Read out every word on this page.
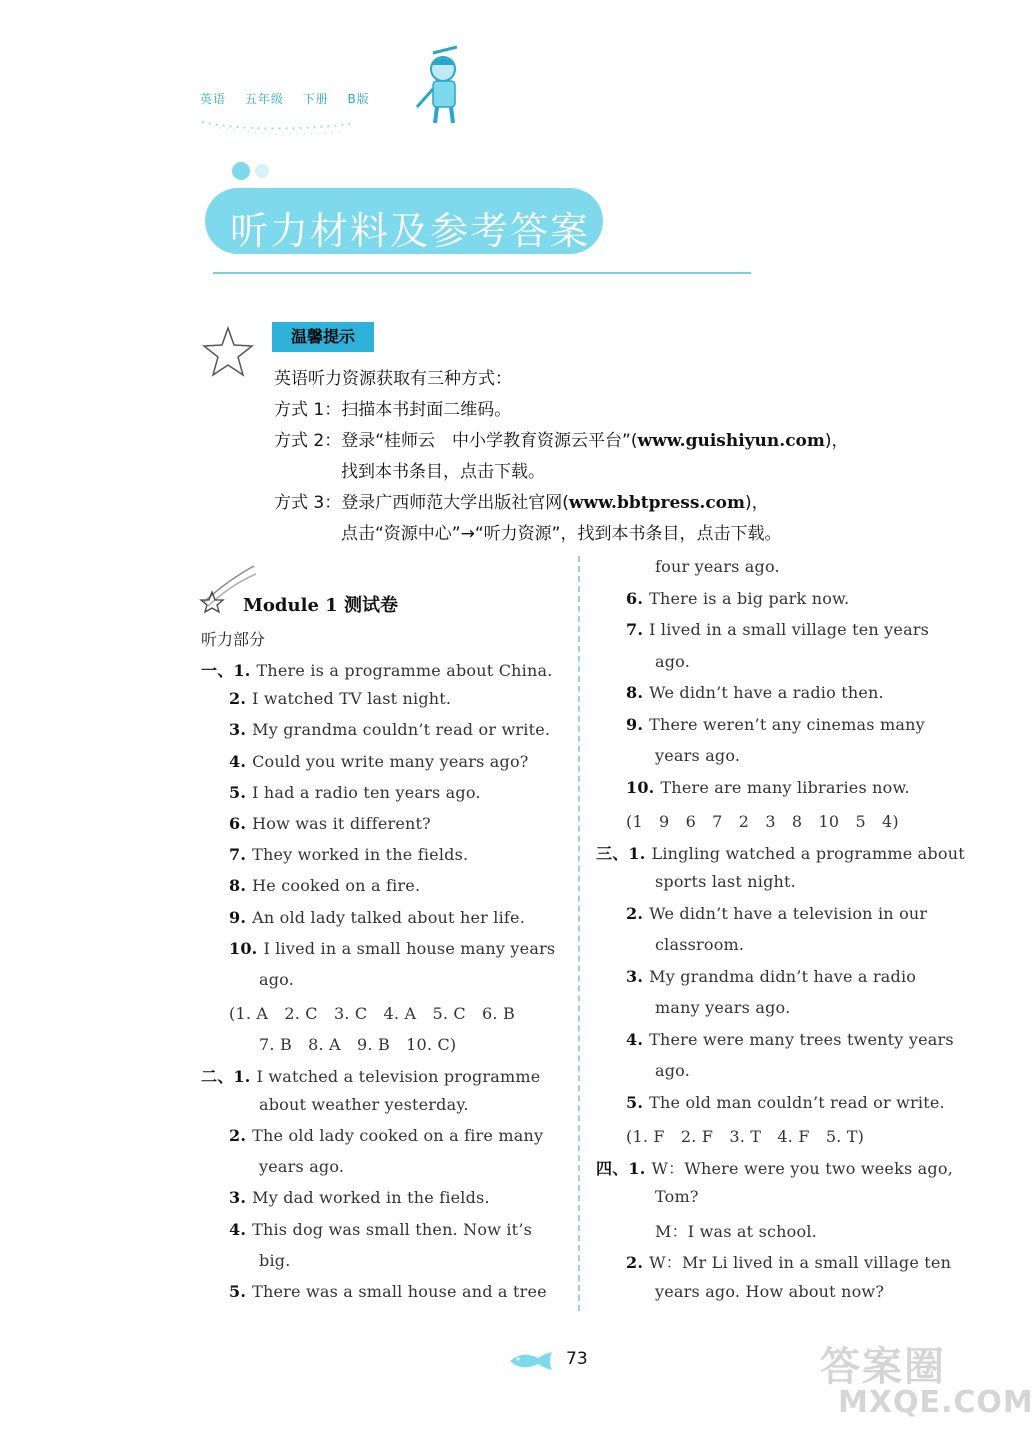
英语 五年级 下册 B版
听力材料及参考答案
温馨提示
英语听力资源获取有三种方式：
方式 1：扫描本书封面二维码。
方式 2：登录“桂师云　中小学教育资源云平台”(www.guishiyun.com)，
找到本书条目，点击下载。
方式 3：登录广西师范大学出版社官网(www.bbtpress.com)，
点击“资源中心”→“听力资源”，找到本书条目，点击下载。
Module 1 测试卷
听力部分
一、1. There is a programme about China.
2. I watched TV last night.
3. My grandma couldn’t read or write.
4. Could you write many years ago?
5. I had a radio ten years ago.
6. How was it different?
7. They worked in the fields.
8. He cooked on a fire.
9. An old lady talked about her life.
10. I lived in a small house many years
ago.
(1. A　2. C　3. C　4. A　5. C　6. B
7. B　8. A　9. B　10. C)
二、1. I watched a television programme
about weather yesterday.
2. The old lady cooked on a fire many
years ago.
3. My dad worked in the fields.
4. This dog was small then. Now it’s
big.
5. There was a small house and a tree
four years ago.
6. There is a big park now.
7. I lived in a small village ten years
ago.
8. We didn’t have a radio then.
9. There weren’t any cinemas many
years ago.
10. There are many libraries now.
(1　9　6　7　2　3　8　10　5　4)
三、1. Lingling watched a programme about
sports last night.
2. We didn’t have a television in our
classroom.
3. My grandma didn’t have a radio
many years ago.
4. There were many trees twenty years
ago.
5. The old man couldn’t read or write.
(1. F　2. F　3. T　4. F　5. T)
四、1. W：Where were you two weeks ago,
Tom?
M：I was at school.
2. W：Mr Li lived in a small village ten
years ago. How about now?
73	答案圈
MXQE.COM
